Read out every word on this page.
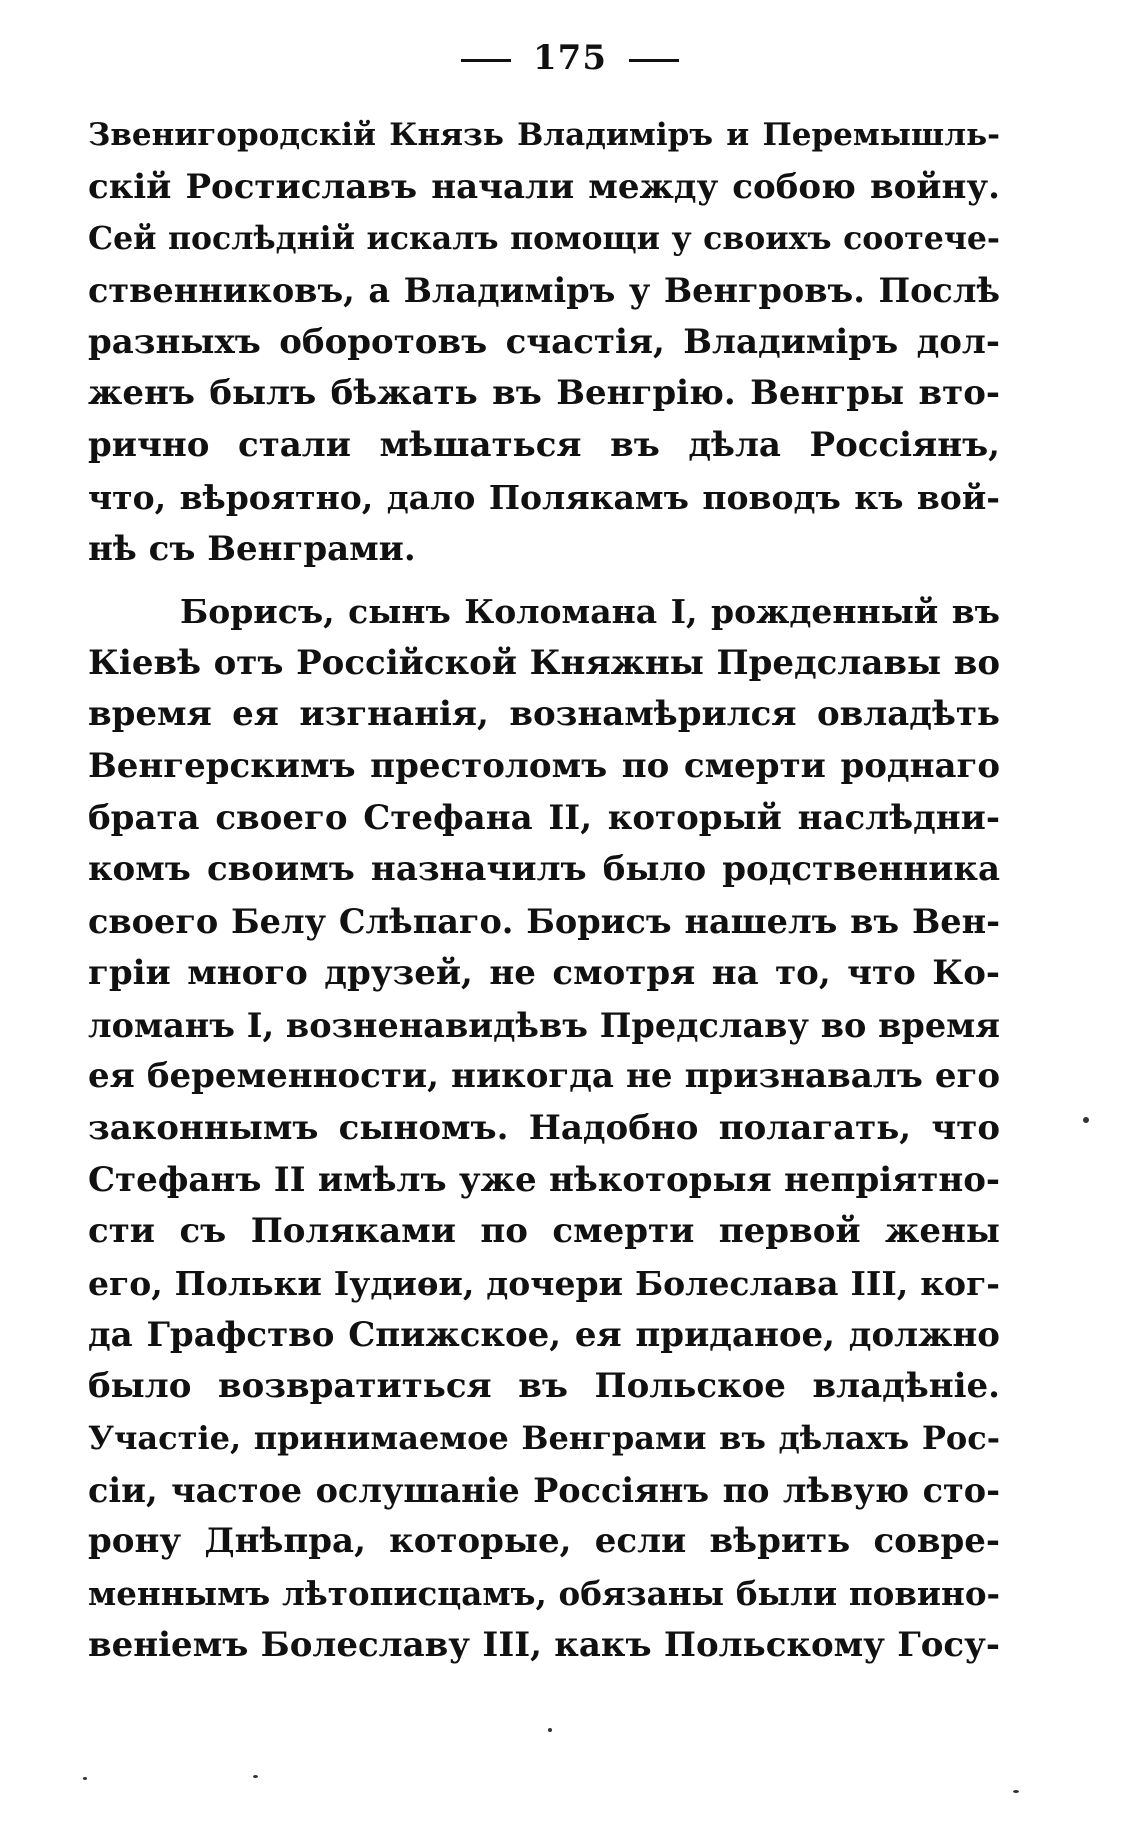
175
Звенигородскій Князь Владиміръ и Перемышль-
скій Ростиславъ начали между собою войну.
Сей послѣдній искалъ помощи у своихъ соотече-
ственниковъ, а Владиміръ у Венгровъ. Послѣ
разныхъ оборотовъ счастія, Владиміръ дол-
женъ былъ бѣжать въ Венгрію. Венгры вто-
рично стали мѣшаться въ дѣла Россіянъ,
что, вѣроятно, дало Полякамъ поводъ къ вой-
нѣ съ Венграми.
Борисъ, сынъ Коломана I, рожденный въ
Кіевѣ отъ Россійской Княжны Предславы во
время ея изгнанія, вознамѣрился овладѣть
Венгерскимъ престоломъ по смерти роднаго
брата своего Стефана II, который наслѣдни-
комъ своимъ назначилъ было родственника
своего Белу Слѣпаго. Борисъ нашелъ въ Вен-
гріи много друзей, не смотря на то, что Ко-
ломанъ I, возненавидѣвъ Предславу во время
ея беременности, никогда не признавалъ его
законнымъ сыномъ. Надобно полагать, что
Стефанъ II имѣлъ уже нѣкоторыя непріятно-
сти съ Поляками по смерти первой жены
его, Польки Іудиѳи, дочери Болеслава III, ког-
да Графство Спижское, ея приданое, должно
было возвратиться въ Польское владѣніе.
Участіе, принимаемое Венграми въ дѣлахъ Рос-
сіи, частое ослушаніе Россіянъ по лѣвую сто-
рону Днѣпра, которые, если вѣрить совре-
меннымъ лѣтописцамъ, обязаны были повино-
веніемъ Болеславу III, какъ Польскому Госу-
